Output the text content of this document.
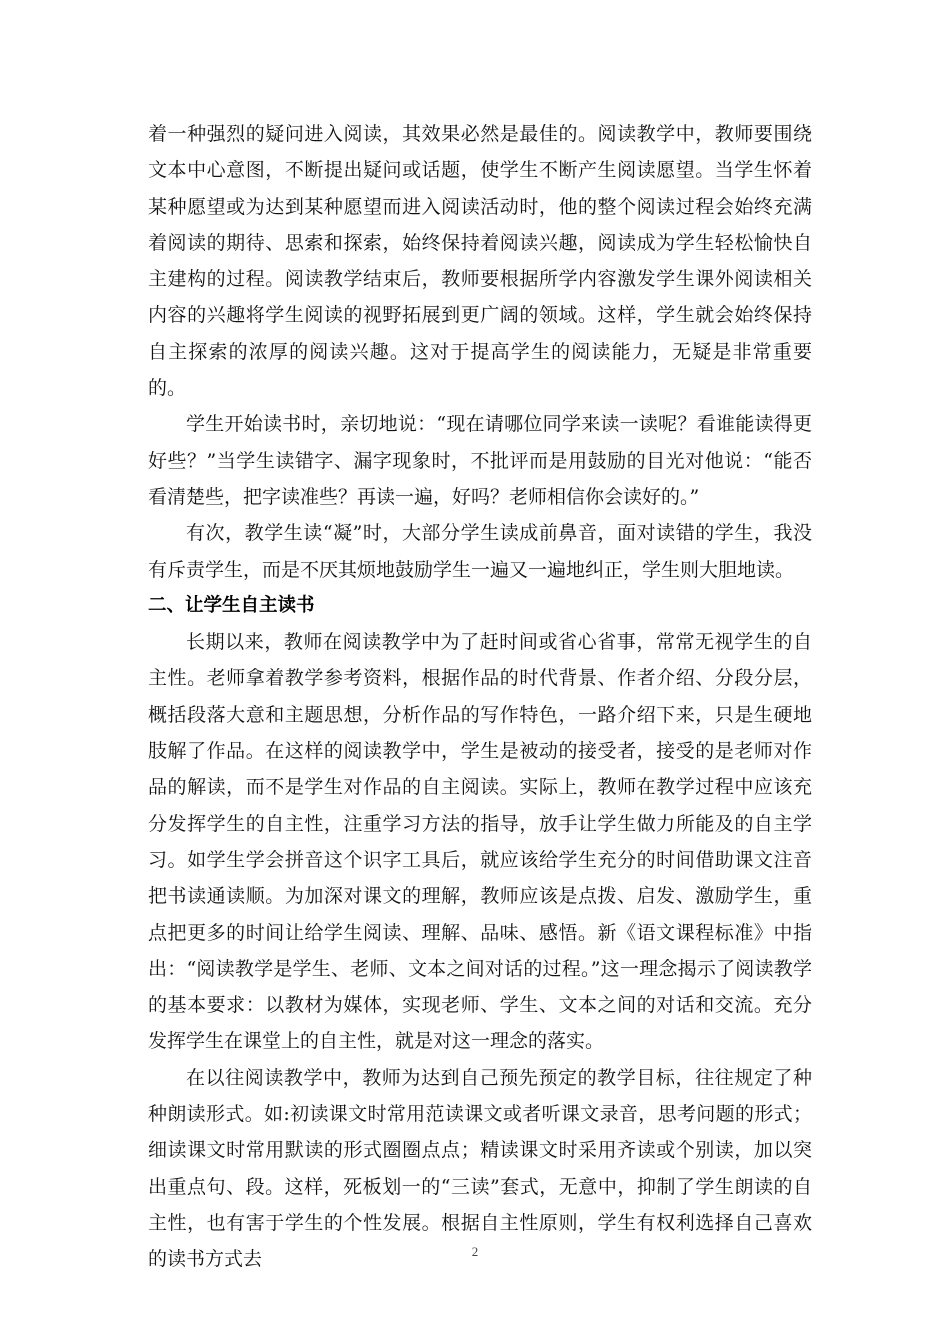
着一种强烈的疑问进入阅读，其效果必然是最佳的。阅读教学中，教师要围绕文本中心意图，不断提出疑问或话题，使学生不断产生阅读愿望。当学生怀着某种愿望或为达到某种愿望而进入阅读活动时，他的整个阅读过程会始终充满着阅读的期待、思索和探索，始终保持着阅读兴趣，阅读成为学生轻松愉快自主建构的过程。阅读教学结束后，教师要根据所学内容激发学生课外阅读相关内容的兴趣将学生阅读的视野拓展到更广阔的领域。这样，学生就会始终保持自主探索的浓厚的阅读兴趣。这对于提高学生的阅读能力，无疑是非常重要的。

学生开始读书时，亲切地说：“现在请哪位同学来读一读呢？看谁能读得更好些？”当学生读错字、漏字现象时，不批评而是用鼓励的目光对他说：“能否看清楚些，把字读准些？再读一遍，好吗？老师相信你会读好的。”

有次，教学生读“凝”时，大部分学生读成前鼻音，面对读错的学生，我没有斥责学生，而是不厌其烦地鼓励学生一遍又一遍地纠正，学生则大胆地读。

二、让学生自主读书

长期以来，教师在阅读教学中为了赶时间或省心省事，常常无视学生的自主性。老师拿着教学参考资料，根据作品的时代背景、作者介绍、分段分层，概括段落大意和主题思想，分析作品的写作特色，一路介绍下来，只是生硬地肢解了作品。在这样的阅读教学中，学生是被动的接受者，接受的是老师对作品的解读，而不是学生对作品的自主阅读。实际上，教师在教学过程中应该充分发挥学生的自主性，注重学习方法的指导，放手让学生做力所能及的自主学习。如学生学会拼音这个识字工具后，就应该给学生充分的时间借助课文注音把书读通读顺。为加深对课文的理解，教师应该是点拨、启发、激励学生，重点把更多的时间让给学生阅读、理解、品味、感悟。新《语文课程标准》中指出：“阅读教学是学生、老师、文本之间对话的过程。”这一理念揭示了阅读教学的基本要求：以教材为媒体，实现老师、学生、文本之间的对话和交流。充分发挥学生在课堂上的自主性，就是对这一理念的落实。

在以往阅读教学中，教师为达到自己预先预定的教学目标，往往规定了种种朗读形式。如:初读课文时常用范读课文或者听课文录音，思考问题的形式；细读课文时常用默读的形式圈圈点点；精读课文时采用齐读或个别读，加以突出重点句、段。这样，死板划一的“三读”套式，无意中，抑制了学生朗读的自主性，也有害于学生的个性发展。根据自主性原则，学生有权利选择自己喜欢的读书方式去	2
